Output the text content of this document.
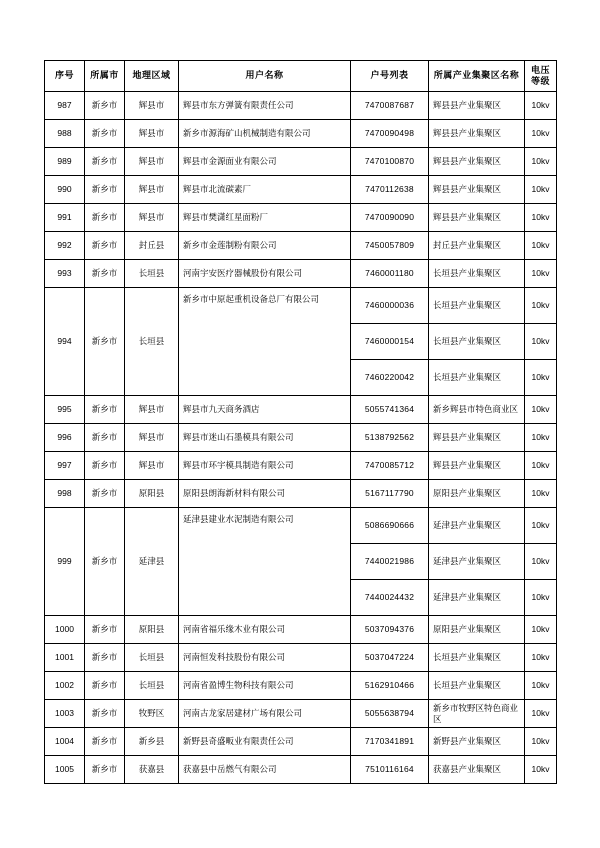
序号	所属市	地理区域	用户名称	户号列表	所属产业集聚区名称	电压等级
987	新乡市	辉县市	辉县市东方弹簧有限责任公司	7470087687	辉县县产业集聚区	10kv
988	新乡市	辉县市	新乡市源海矿山机械制造有限公司	7470090498	辉县县产业集聚区	10kv
989	新乡市	辉县市	辉县市金源面业有限公司	7470100870	辉县县产业集聚区	10kv
990	新乡市	辉县市	辉县市北流碳素厂	7470112638	辉县县产业集聚区	10kv
991	新乡市	辉县市	辉县市樊潇红星面粉厂	7470090090	辉县县产业集聚区	10kv
992	新乡市	封丘县	新乡市金莲制粉有限公司	7450057809	封丘县产业集聚区	10kv
993	新乡市	长垣县	河南宇安医疗器械股份有限公司	7460001180	长垣县产业集聚区	10kv
994	新乡市	长垣县	新乡市中原起重机设备总厂有限公司	7460000036	长垣县产业集聚区	10kv
				7460000154	长垣县产业集聚区	10kv
				7460220042	长垣县产业集聚区	10kv
995	新乡市	辉县市	辉县市九天商务酒店	5055741364	新乡辉县市特色商业区	10kv
996	新乡市	辉县市	辉县市迷山石墨模具有限公司	5138792562	辉县县产业集聚区	10kv
997	新乡市	辉县市	辉县市环宇模具制造有限公司	7470085712	辉县县产业集聚区	10kv
998	新乡市	原阳县	原阳县朗海新材料有限公司	5167117790	原阳县产业集聚区	10kv
999	新乡市	延津县	延津县建业水泥制造有限公司	5086690666	延津县产业集聚区	10kv
				7440021986	延津县产业集聚区	10kv
				7440024432	延津县产业集聚区	10kv
1000	新乡市	原阳县	河南省福乐缘木业有限公司	5037094376	原阳县产业集聚区	10kv
1001	新乡市	长垣县	河南恒发科技股份有限公司	5037047224	长垣县产业集聚区	10kv
1002	新乡市	长垣县	河南省盈博生物科技有限公司	5162910466	长垣县产业集聚区	10kv
1003	新乡市	牧野区	河南古龙家居建材广场有限公司	5055638794	新乡市牧野区特色商业区	10kv
1004	新乡市	新乡县	新野县奇盛畈业有限责任公司	7170341891	新野县产业集聚区	10kv
1005	新乡市	获嘉县	获嘉县中岳燃气有限公司	7510116164	获嘉县产业集聚区	10kv
